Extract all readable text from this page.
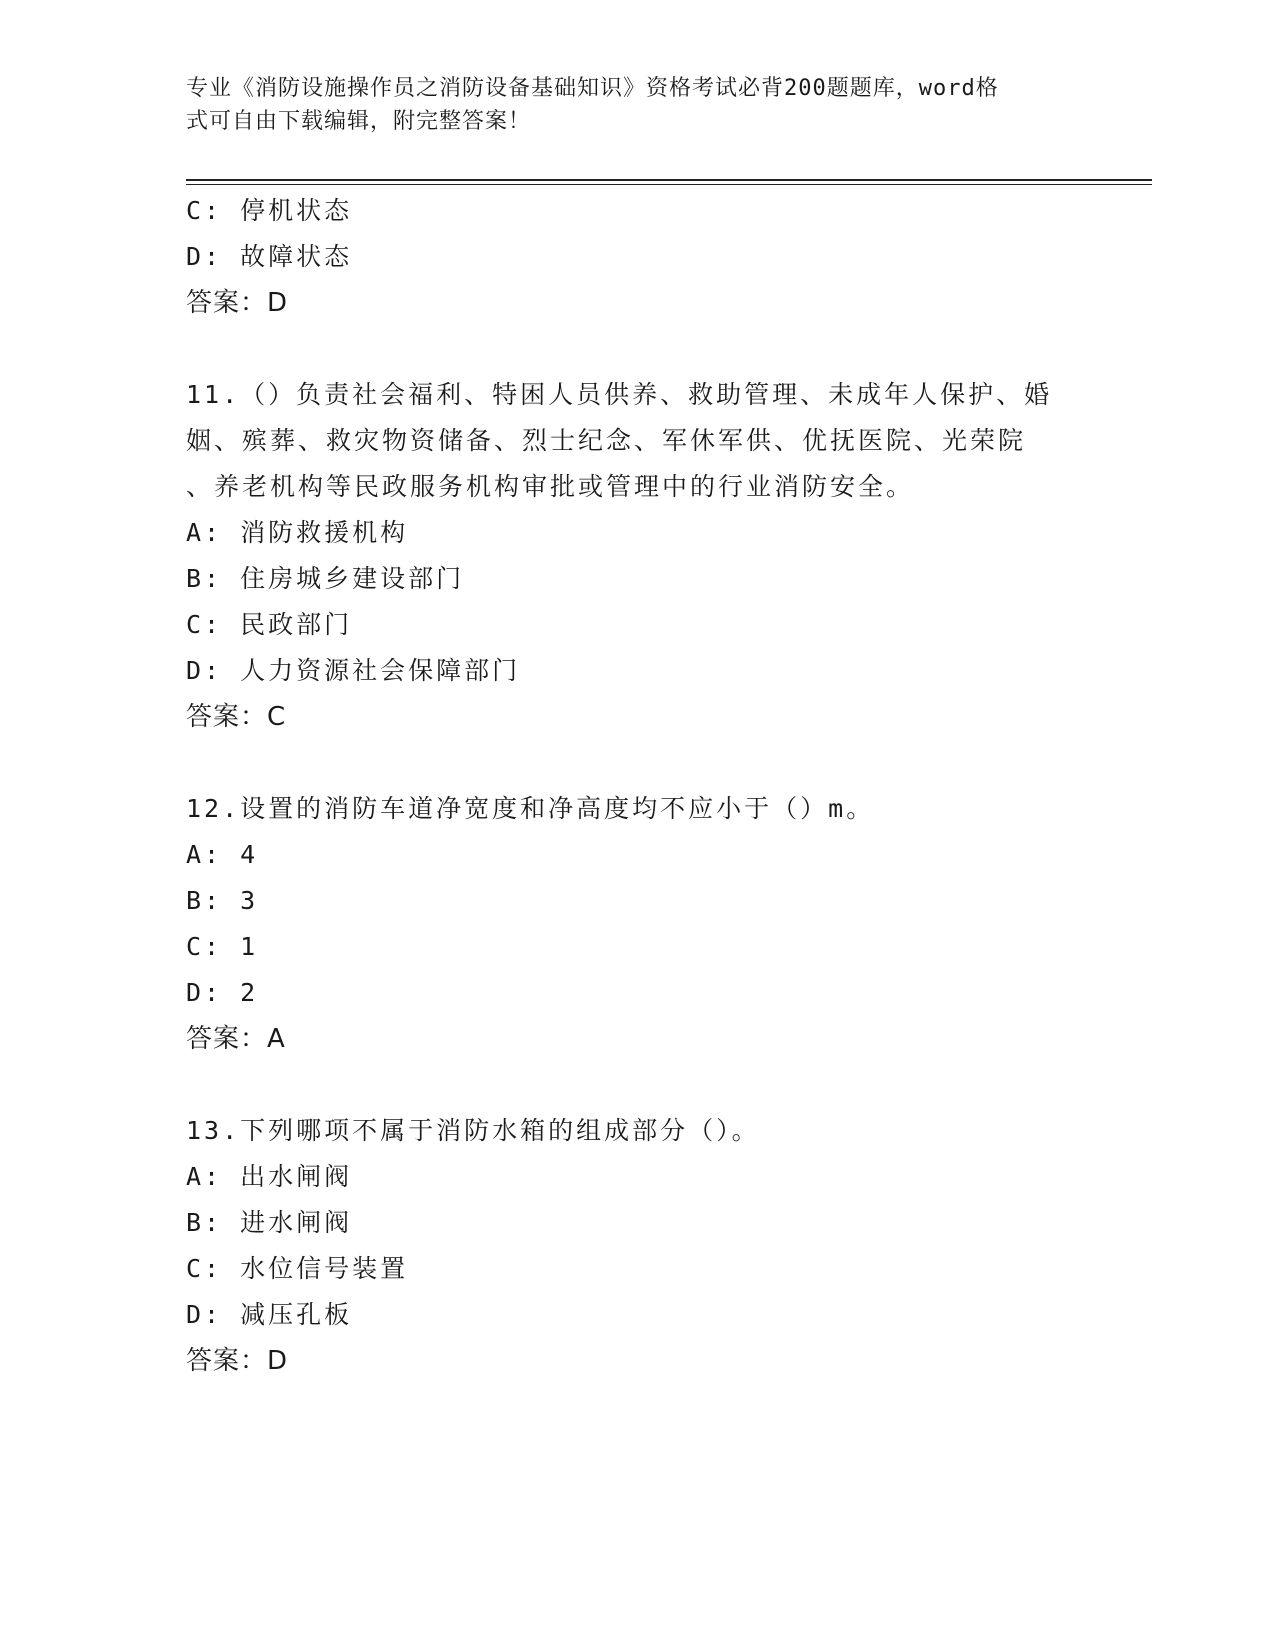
专业《消防设施操作员之消防设备基础知识》资格考试必背200题题库，word格
式可自由下载编辑，附完整答案！
C: 停机状态
D: 故障状态
答案：D
11.（）负责社会福利、特困人员供养、救助管理、未成年人保护、婚
姻、殡葬、救灾物资储备、烈士纪念、军休军供、优抚医院、光荣院
、养老机构等民政服务机构审批或管理中的行业消防安全。
A: 消防救援机构
B: 住房城乡建设部门
C: 民政部门
D: 人力资源社会保障部门
答案：C
12.设置的消防车道净宽度和净高度均不应小于（）m。
A: 4
B: 3
C: 1
D: 2
答案：A
13.下列哪项不属于消防水箱的组成部分（）。
A: 出水闸阀
B: 进水闸阀
C: 水位信号装置
D: 减压孔板
答案：D
